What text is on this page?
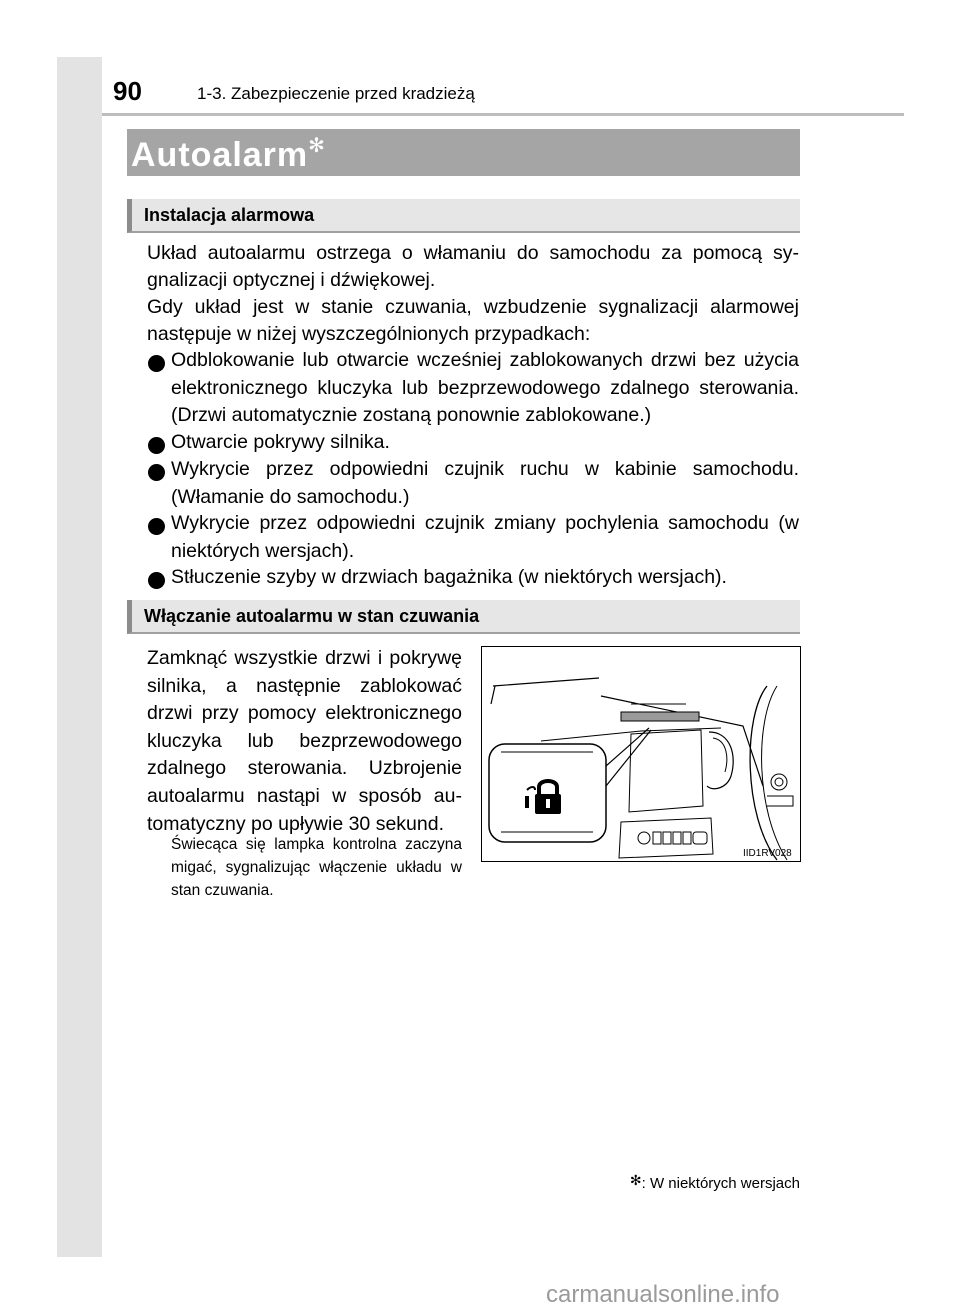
90	1-3. Zabezpieczenie przed kradzieżą
Autoalarm✻
Instalacja alarmowa
Układ autoalarmu ostrzega o włamaniu do samochodu za pomocą sygnalizacji optycznej i dźwiękowej.
Gdy układ jest w stanie czuwania, wzbudzenie sygnalizacji alarmowej następuje w niżej wyszczególnionych przypadkach:
Odblokowanie lub otwarcie wcześniej zablokowanych drzwi bez użycia elektronicznego kluczyka lub bezprzewodowego zdalnego sterowania. (Drzwi automatycznie zostaną ponownie zablokowane.)
Otwarcie pokrywy silnika.
Wykrycie przez odpowiedni czujnik ruchu w kabinie samochodu. (Włamanie do samochodu.)
Wykrycie przez odpowiedni czujnik zmiany pochylenia samochodu (w niektórych wersjach).
Stłuczenie szyby w drzwiach bagażnika (w niektórych wersjach).
Włączanie autoalarmu w stan czuwania
Zamknąć wszystkie drzwi i pokrywę silnika, a następnie zablokować drzwi przy pomocy elektronicznego kluczyka lub bezprzewodowego zdalnego sterowania. Uzbrojenie autoalarmu nastąpi w sposób automatyczny po upływie 30 sekund.
Świecąca się lampka kontrolna zaczyna migać, sygnalizując włączenie układu w stan czuwania.
IID1RV028
✻: W niektórych wersjach
carmanualsonline.info
